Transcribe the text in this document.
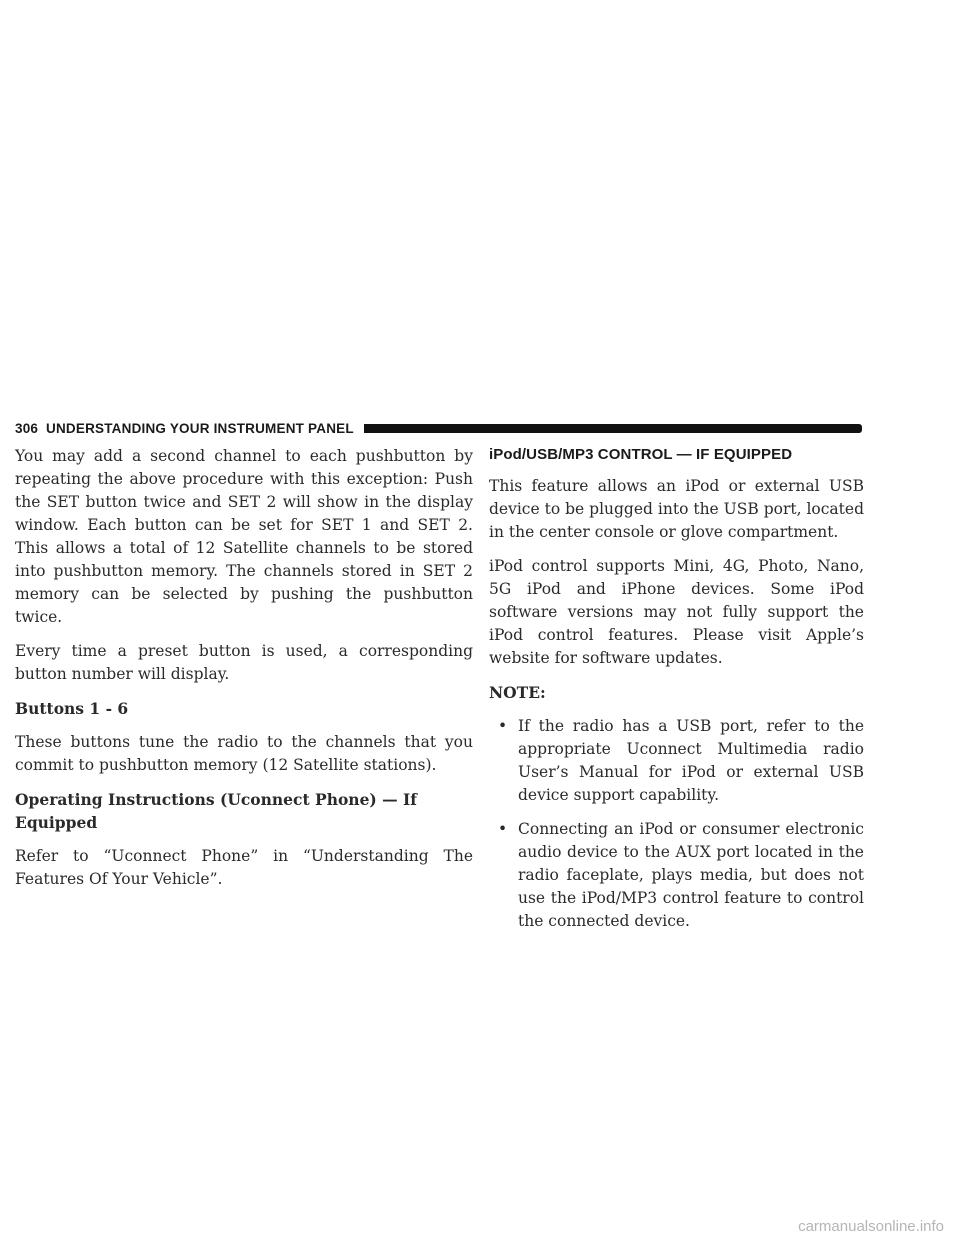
306 UNDERSTANDING YOUR INSTRUMENT PANEL

You may add a second channel to each pushbutton by repeating the above procedure with this exception: Push the SET button twice and SET 2 will show in the display window. Each button can be set for SET 1 and SET 2. This allows a total of 12 Satellite channels to be stored into pushbutton memory. The channels stored in SET 2 memory can be selected by pushing the pushbutton twice.

Every time a preset button is used, a corresponding button number will display.

Buttons 1 - 6

These buttons tune the radio to the channels that you commit to pushbutton memory (12 Satellite stations).

Operating Instructions (Uconnect Phone) — If Equipped

Refer to “Uconnect Phone” in “Understanding The Features Of Your Vehicle”.

iPod/USB/MP3 CONTROL — IF EQUIPPED

This feature allows an iPod or external USB device to be plugged into the USB port, located in the center console or glove compartment.

iPod control supports Mini, 4G, Photo, Nano, 5G iPod and iPhone devices. Some iPod software versions may not fully support the iPod control features. Please visit Apple’s website for software updates.

NOTE:

• If the radio has a USB port, refer to the appropriate Uconnect Multimedia radio User’s Manual for iPod or external USB device support capability.
• Connecting an iPod or consumer electronic audio device to the AUX port located in the radio faceplate, plays media, but does not use the iPod/MP3 control feature to control the connected device.
carmanualsonline.info
